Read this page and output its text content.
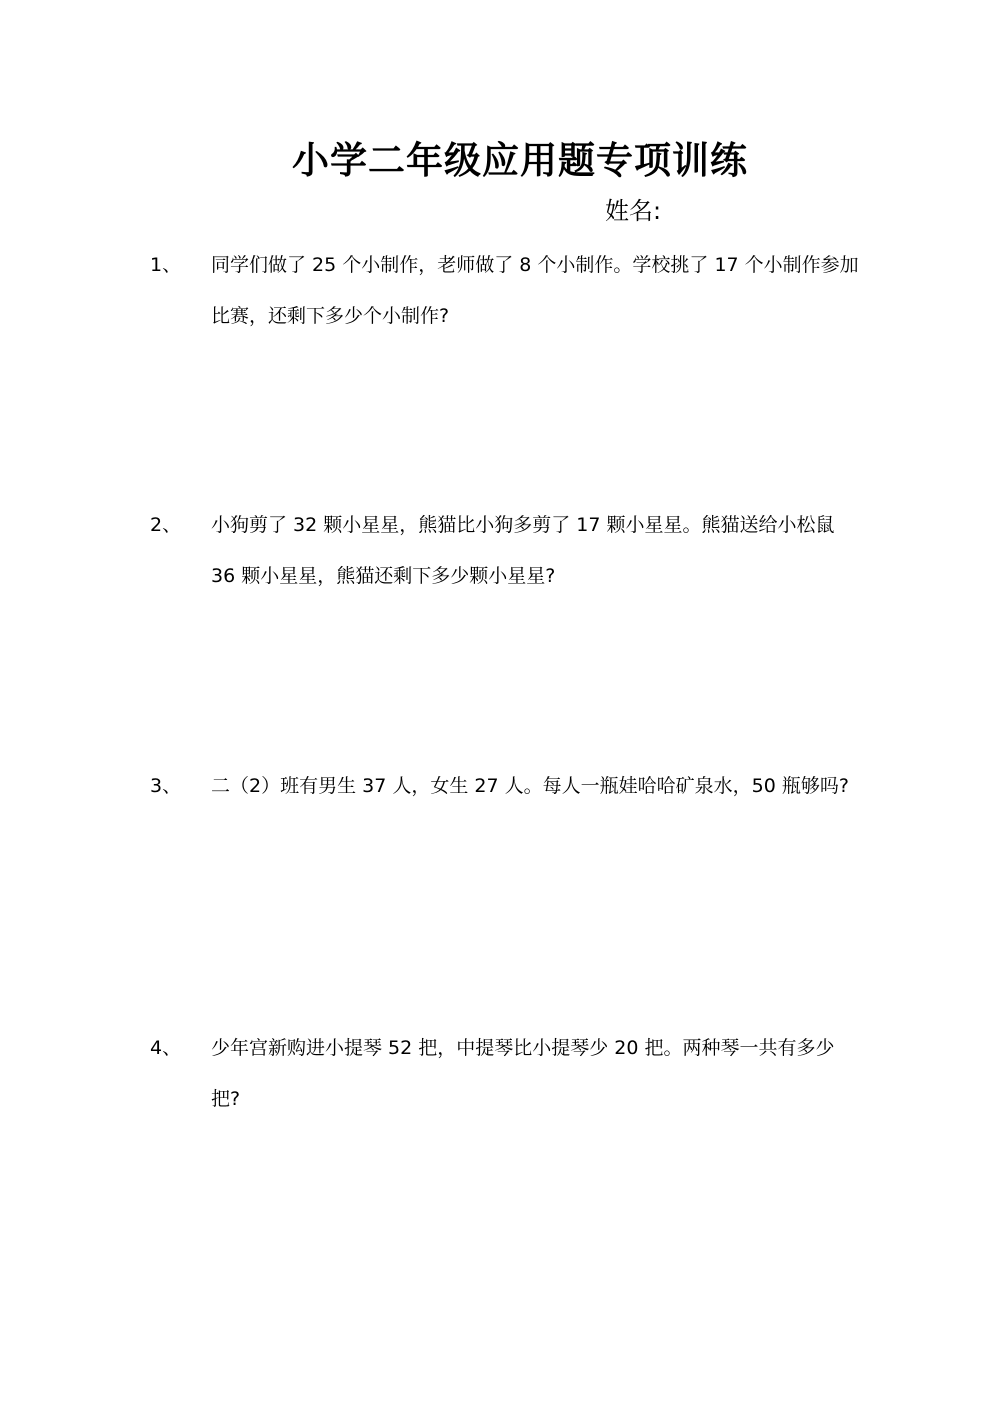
小学二年级应用题专项训练
姓名:
1、 同学们做了 25 个小制作，老师做了 8 个小制作。学校挑了 17 个小制作参加比赛，还剩下多少个小制作?
2、 小狗剪了 32 颗小星星，熊猫比小狗多剪了 17 颗小星星。熊猫送给小松鼠 36 颗小星星，熊猫还剩下多少颗小星星?
3、 二（2）班有男生 37 人，女生 27 人。每人一瓶娃哈哈矿泉水，50 瓶够吗?
4、 少年宫新购进小提琴 52 把，中提琴比小提琴少 20 把。两种琴一共有多少把?
